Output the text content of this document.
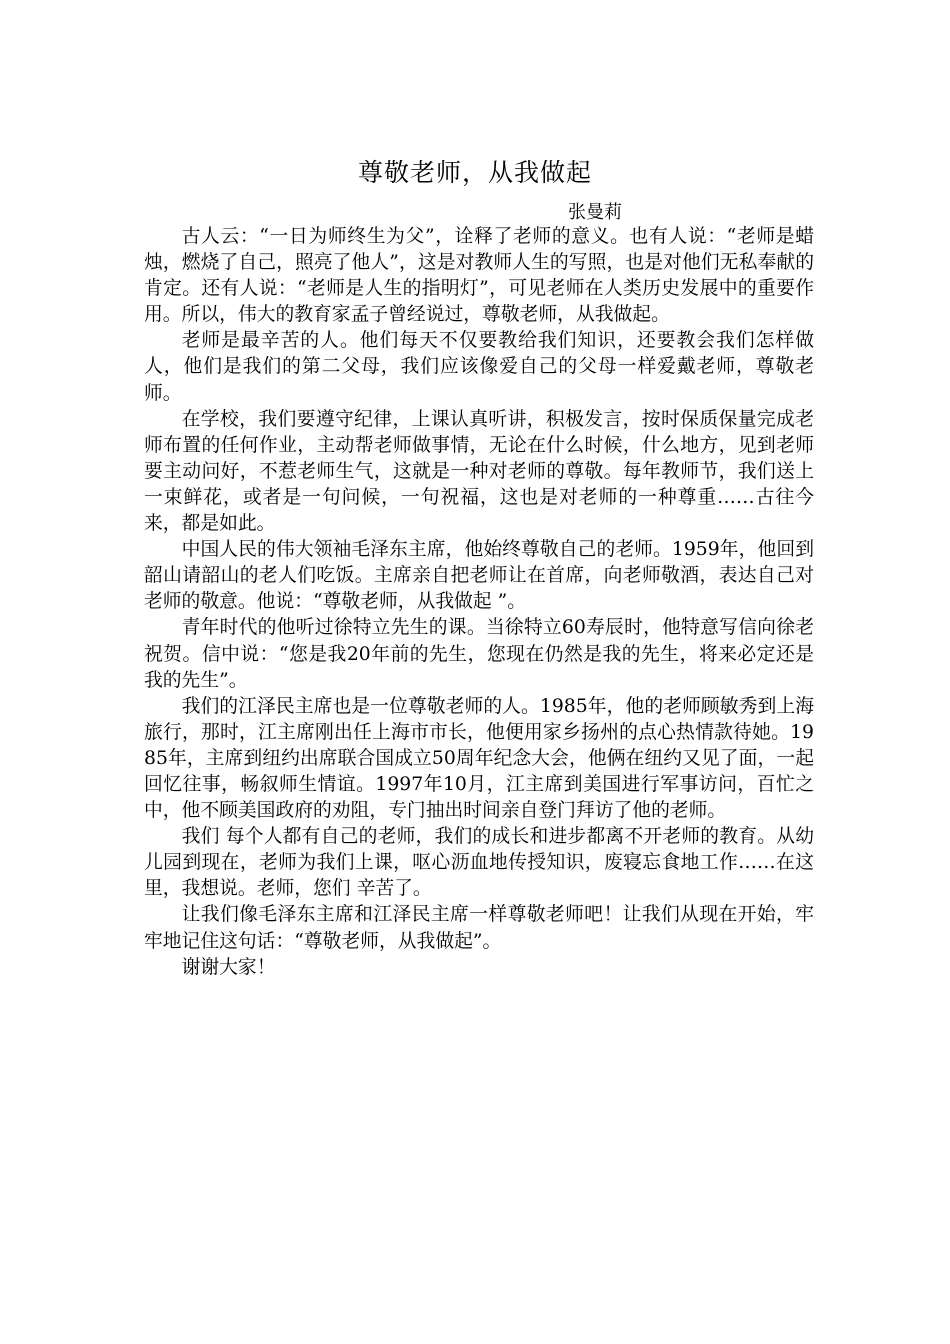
尊敬老师，从我做起
张曼莉

古人云：“一日为师终生为父”，诠释了老师的意义。也有人说：“老师是蜡烛，燃烧了自己，照亮了他人”，这是对教师人生的写照，也是对他们无私奉献的肯定。还有人说：“老师是人生的指明灯”，可见老师在人类历史发展中的重要作用。所以，伟大的教育家孟子曾经说过，尊敬老师，从我做起。

老师是最辛苦的人。他们每天不仅要教给我们知识，还要教会我们怎样做人，他们是我们的第二父母，我们应该像爱自己的父母一样爱戴老师，尊敬老师。

在学校，我们要遵守纪律，上课认真听讲，积极发言，按时保质保量完成老师布置的任何作业，主动帮老师做事情，无论在什么时候，什么地方，见到老师要主动问好，不惹老师生气，这就是一种对老师的尊敬。每年教师节，我们送上一束鲜花，或者是一句问候，一句祝福，这也是对老师的一种尊重……古往今来，都是如此。

中国人民的伟大领袖毛泽东主席，他始终尊敬自己的老师。1959年，他回到韶山请韶山的老人们吃饭。主席亲自把老师让在首席，向老师敬酒，表达自己对老师的敬意。他说：“尊敬老师，从我做起 ”。

青年时代的他听过徐特立先生的课。当徐特立60寿辰时，他特意写信向徐老祝贺。信中说：“您是我20年前的先生，您现在仍然是我的先生，将来必定还是我的先生”。

我们的江泽民主席也是一位尊敬老师的人。1985年，他的老师顾敏秀到上海旅行，那时，江主席刚出任上海市市长，他便用家乡扬州的点心热情款待她。1985年，主席到纽约出席联合国成立50周年纪念大会，他俩在纽约又见了面，一起回忆往事，畅叙师生情谊。1997年10月，江主席到美国进行军事访问，百忙之中，他不顾美国政府的劝阻，专门抽出时间亲自登门拜访了他的老师。

我们 每个人都有自己的老师，我们的成长和进步都离不开老师的教育。从幼儿园到现在，老师为我们上课，呕心沥血地传授知识，废寝忘食地工作……在这里，我想说。老师，您们 辛苦了。

让我们像毛泽东主席和江泽民主席一样尊敬老师吧！让我们从现在开始，牢牢地记住这句话：“尊敬老师，从我做起”。

谢谢大家！
